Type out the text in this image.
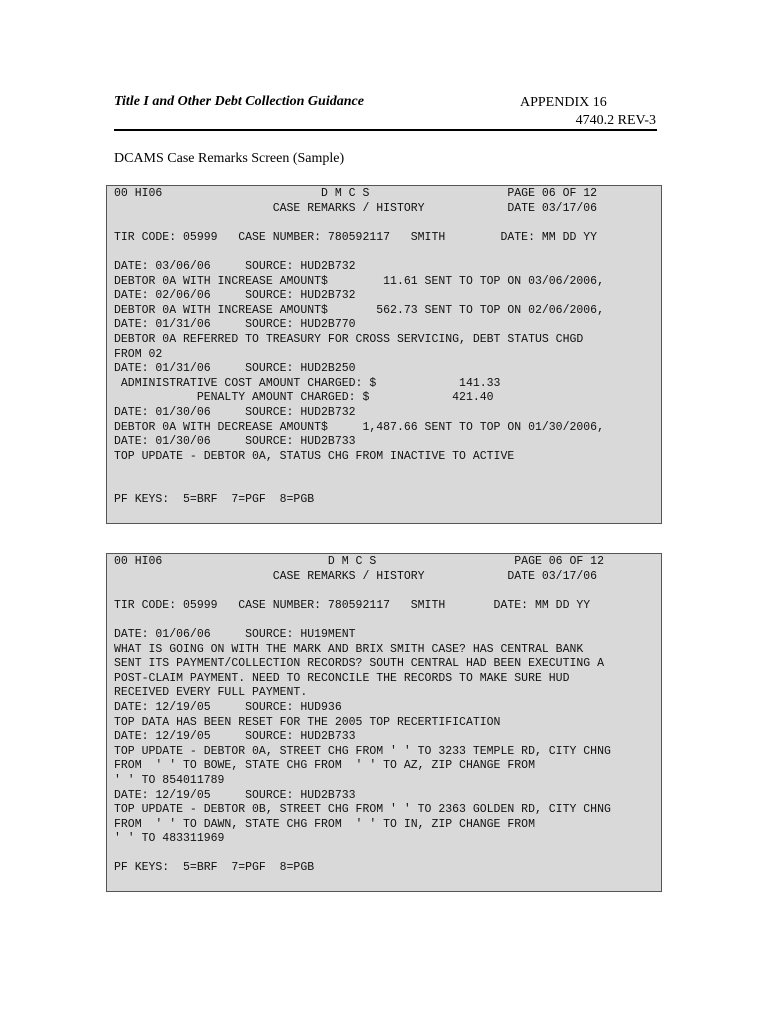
Title I and Other Debt Collection Guidance	APPENDIX 16
4740.2 REV-3
DCAMS Case Remarks Screen (Sample)
00 HI06                       D M C S                    PAGE 06 OF 12
CASE REMARKS / HISTORY            DATE 03/17/06

TIR CODE: 05999   CASE NUMBER: 780592117   SMITH        DATE: MM DD YY

DATE: 03/06/06     SOURCE: HUD2B732
DEBTOR 0A WITH INCREASE AMOUNT$        11.61 SENT TO TOP ON 03/06/2006,
DATE: 02/06/06     SOURCE: HUD2B732
DEBTOR 0A WITH INCREASE AMOUNT$       562.73 SENT TO TOP ON 02/06/2006,
DATE: 01/31/06     SOURCE: HUD2B770
DEBTOR 0A REFERRED TO TREASURY FOR CROSS SERVICING, DEBT STATUS CHGD
FROM 02
DATE: 01/31/06     SOURCE: HUD2B250
ADMINISTRATIVE COST AMOUNT CHARGED: $            141.33
PENALTY AMOUNT CHARGED: $            421.40
DATE: 01/30/06     SOURCE: HUD2B732
DEBTOR 0A WITH DECREASE AMOUNT$     1,487.66 SENT TO TOP ON 01/30/2006,
DATE: 01/30/06     SOURCE: HUD2B733
TOP UPDATE - DEBTOR 0A, STATUS CHG FROM INACTIVE TO ACTIVE

PF KEYS:  5=BRF  7=PGF  8=PGB
00 HI06                        D M C S                    PAGE 06 OF 12
CASE REMARKS / HISTORY            DATE 03/17/06

TIR CODE: 05999   CASE NUMBER: 780592117   SMITH       DATE: MM DD YY

DATE: 01/06/06     SOURCE: HU19MENT
WHAT IS GOING ON WITH THE MARK AND BRIX SMITH CASE? HAS CENTRAL BANK
SENT ITS PAYMENT/COLLECTION RECORDS? SOUTH CENTRAL HAD BEEN EXECUTING A
POST-CLAIM PAYMENT. NEED TO RECONCILE THE RECORDS TO MAKE SURE HUD
RECEIVED EVERY FULL PAYMENT.
DATE: 12/19/05     SOURCE: HUD936
TOP DATA HAS BEEN RESET FOR THE 2005 TOP RECERTIFICATION
DATE: 12/19/05     SOURCE: HUD2B733
TOP UPDATE - DEBTOR 0A, STREET CHG FROM ' ' TO 3233 TEMPLE RD, CITY CHNG
FROM  ' ' TO BOWE, STATE CHG FROM  ' ' TO AZ, ZIP CHANGE FROM
' ' TO 854011789
DATE: 12/19/05     SOURCE: HUD2B733
TOP UPDATE - DEBTOR 0B, STREET CHG FROM ' ' TO 2363 GOLDEN RD, CITY CHNG
FROM  ' ' TO DAWN, STATE CHG FROM  ' ' TO IN, ZIP CHANGE FROM
' ' TO 483311969

PF KEYS:  5=BRF  7=PGF  8=PGB
